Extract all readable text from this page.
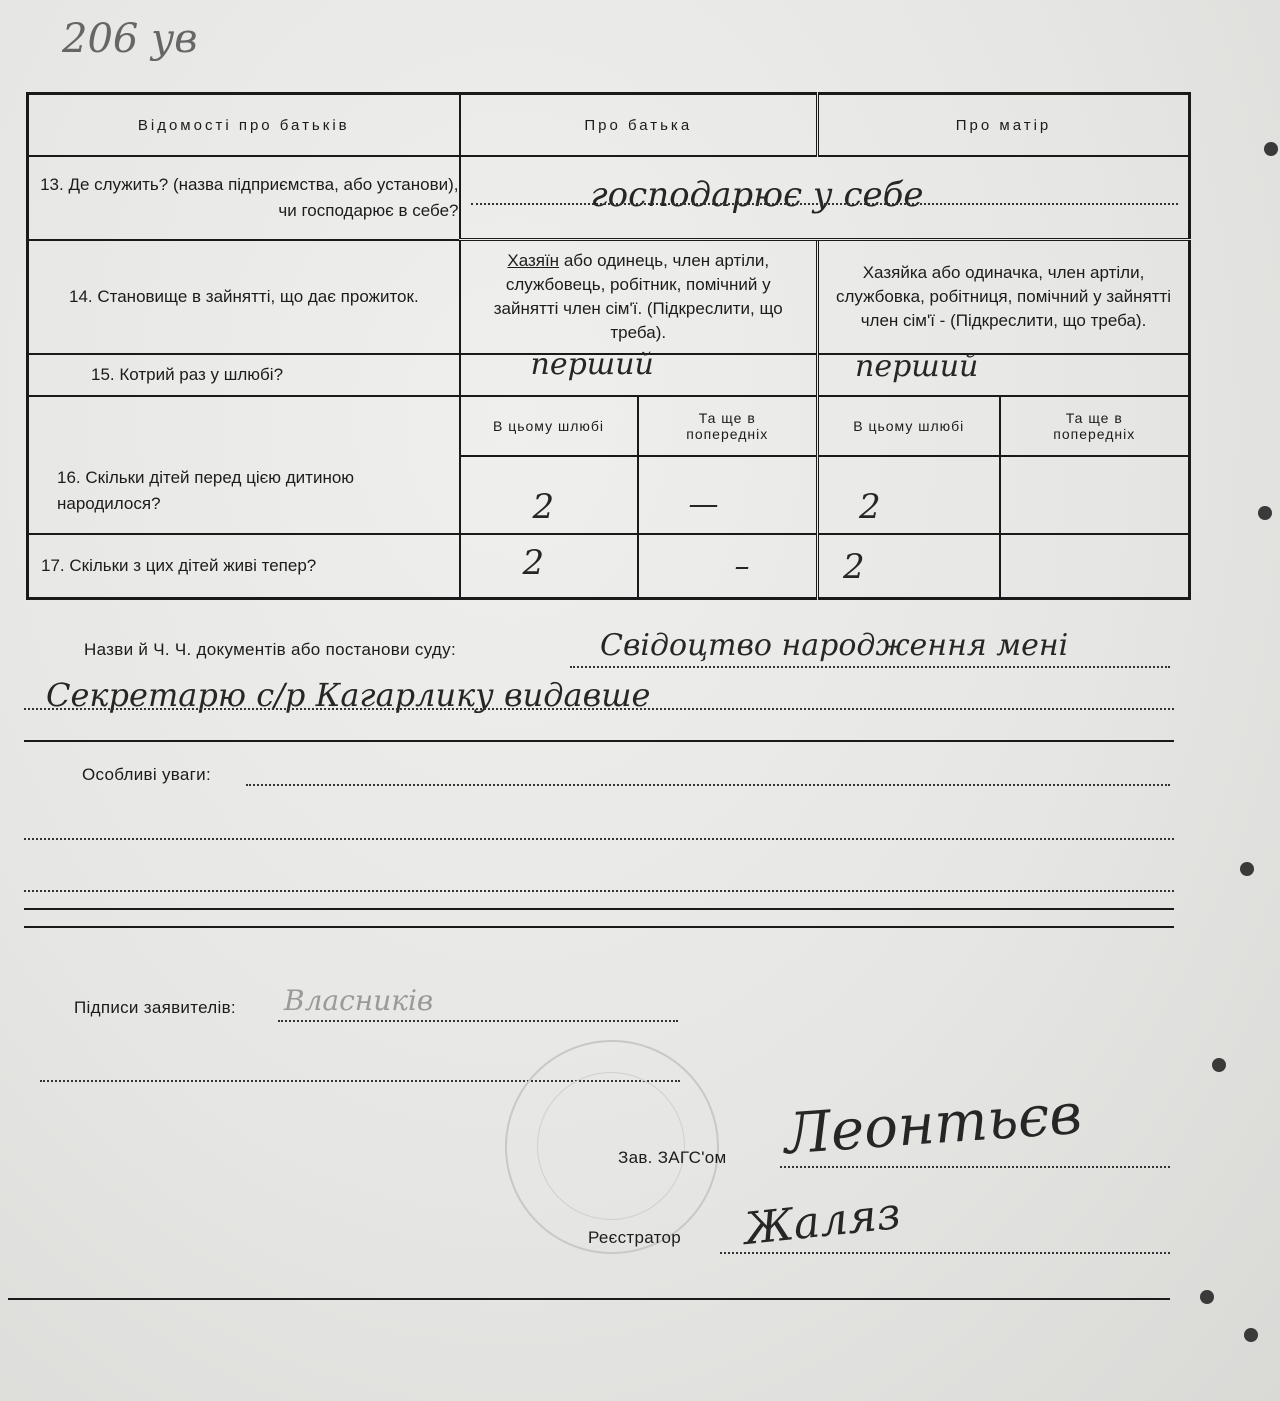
206 ув
Відомості про батьків	Про батька		Про матір	
13. Де служить? (назва підприємства, або установи), чи господарює в себе?	господарює у себе			

14. Становище в зайнятті, що дає прожиток.	Хазяїн або одинець, член артіли, службовець, робітник, помічний у зайнятті член сім'ї. (Підкреслити, що треба).		Хазяйка або одиначка, член артіли, службовка, робітниця, помічний у зайнятті член сім'ї - (Підкреслити, що треба).	
15. Котрий раз у шлюбі?	перший		перший	

16. Скільки дітей перед цією дитиною народилося?	В цьому шлюбі	Та ще в попередніх	В цьому шлюбі	Та ще в попередніх

	2	—	2	

17. Скільки з цих дітей живі тепер?	2	–	2	

Назви й Ч. Ч. документів або постанови суду:	Свідоцтво народження мені
Секретарю с/р Кагарлику видавше
Особливі уваги:
Підписи заявителів: Власників
Зав. ЗАГС'ом Леонтьєв
Реєстратор Жаляз
